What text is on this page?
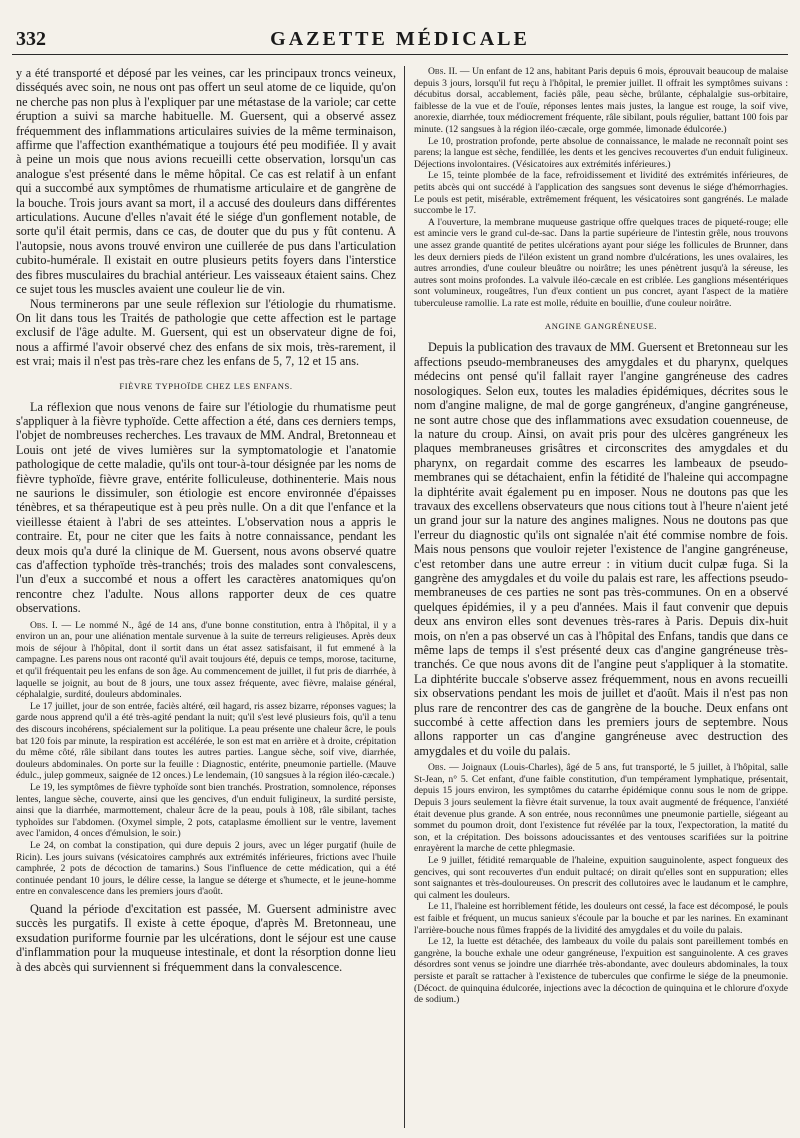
332	GAZETTE MÉDICALE

y a été transporté et déposé par les veines, car les principaux troncs veineux, disséqués avec soin, ne nous ont pas offert un seul atome de ce liquide, qu'on ne cherche pas non plus à l'expliquer par une métastase de la variole; car cette éruption a suivi sa marche habituelle. M. Guersent, qui a observé assez fréquemment des inflammations articulaires suivies de la même terminaison, affirme que l'affection exanthématique a toujours été peu modifiée. Il y avait à peine un mois que nous avions recueilli cette observation, lorsqu'un cas analogue s'est présenté dans le même hôpital. Ce cas est relatif à un enfant qui a succombé aux symptômes de rhumatisme articulaire et de gangrène de la bouche. Trois jours avant sa mort, il a accusé des douleurs dans différentes articulations. Aucune d'elles n'avait été le siége d'un gonflement notable, de sorte qu'il était permis, dans ce cas, de douter que du pus y fût contenu. A l'autopsie, nous avons trouvé environ une cuillerée de pus dans l'articulation cubito-humérale. Il existait en outre plusieurs petits foyers dans l'interstice des fibres musculaires du brachial antérieur. Les vaisseaux étaient sains. Chez ce sujet tous les muscles avaient une couleur lie de vin.

Nous terminerons par une seule réflexion sur l'étiologie du rhumatisme. On lit dans tous les Traités de pathologie que cette affection est le partage exclusif de l'âge adulte. M. Guersent, qui est un observateur digne de foi, nous a affirmé l'avoir observé chez des enfans de six mois, très-rarement, il est vrai; mais il n'est pas très-rare chez les enfans de 5, 7, 12 et 15 ans.

FIÈVRE TYPHOÏDE CHEZ LES ENFANS.

La réflexion que nous venons de faire sur l'étiologie du rhumatisme peut s'appliquer à la fièvre typhoïde. Cette affection a été, dans ces derniers temps, l'objet de nombreuses recherches. Les travaux de MM. Andral, Bretonneau et Louis ont jeté de vives lumières sur la symptomatologie et l'anatomie pathologique de cette maladie, qu'ils ont tour-à-tour désignée par les noms de fièvre typhoïde, fièvre grave, entérite folliculeuse, dothinenterie. Mais nous ne saurions le dissimuler, son étiologie est encore environnée d'épaisses ténèbres, et sa thérapeutique est à peu près nulle. On a dit que l'enfance et la vieillesse étaient à l'abri de ses atteintes. L'observation nous a appris le contraire. Et, pour ne citer que les faits à notre connaissance, pendant les deux mois qu'a duré la clinique de M. Guersent, nous avons observé quatre cas d'affection typhoïde très-tranchés; trois des malades sont convalescens, l'un d'eux a succombé et nous a offert les caractères anatomiques qu'on rencontre chez l'adulte. Nous allons rapporter deux de ces quatre observations.

Obs. I. — Le nommé N., âgé de 14 ans, d'une bonne constitution, entra à l'hôpital, il y a environ un an, pour une aliénation mentale survenue à la suite de terreurs religieuses. Après deux mois de séjour à l'hôpital, dont il sortit dans un état assez satisfaisant, il fut emmené à la campagne. Les parens nous ont raconté qu'il avait toujours été, depuis ce temps, morose, taciturne, et qu'il fréquentait peu les enfans de son âge. Au commencement de juillet, il fut pris de diarrhée, à laquelle se joignit, au bout de 8 jours, une toux assez fréquente, avec fièvre, malaise général, céphalalgie, surdité, douleurs abdominales.

Le 17 juillet, jour de son entrée, faciès altéré, œil hagard, ris assez bizarre, réponses vagues; la garde nous apprend qu'il a été très-agité pendant la nuit; qu'il s'est levé plusieurs fois, qu'il a tenu des discours incohérens, spécialement sur la politique. La peau présente une chaleur âcre, le pouls bat 120 fois par minute, la respiration est accélérée, le son est mat en arrière et à droite, crépitation du même côté, râle sibilant dans toutes les autres parties. Langue sèche, soif vive, diarrhée, douleurs abdominales. On porte sur la feuille : Diagnostic, entérite, pneumonie partielle. (Mauve édulc., julep gommeux, saignée de 12 onces.) Le lendemain, (10 sangsues à la région iléo-cæcale.)

Le 19, les symptômes de fièvre typhoïde sont bien tranchés. Prostration, somnolence, réponses lentes, langue sèche, couverte, ainsi que les gencives, d'un enduit fuligineux, la surdité persiste, ainsi que la diarrhée, marmottement, chaleur âcre de la peau, pouls à 108, râle sibilant, taches typhoïdes sur l'abdomen. (Oxymel simple, 2 pots, cataplasme émollient sur le ventre, lavement avec l'amidon, 4 onces d'émulsion, le soir.)

Le 24, on combat la constipation, qui dure depuis 2 jours, avec un léger purgatif (huile de Ricin). Les jours suivans (vésicatoires camphrés aux extrémités inférieures, frictions avec l'huile camphrée, 2 pots de décoction de tamarins.) Sous l'influence de cette médication, qui a été continuée pendant 10 jours, le délire cesse, la langue se déterge et s'humecte, et le jeune-homme entre en convalescence dans les premiers jours d'août.

Quand la période d'excitation est passée, M. Guersent administre avec succès les purgatifs. Il existe à cette époque, d'après M. Bretonneau, une exsudation puriforme fournie par les ulcérations, dont le séjour est une cause d'inflammation pour la muqueuse intestinale, et dont la résorption donne lieu à des abcès qui surviennent si fréquemment dans la convalescence.

Obs. II. — Un enfant de 12 ans, habitant Paris depuis 6 mois, éprouvait beaucoup de malaise depuis 3 jours, lorsqu'il fut reçu à l'hôpital, le premier juillet. Il offrait les symptômes suivans : décubitus dorsal, accablement, faciès pâle, peau sèche, brûlante, céphalalgie sus-orbitaire, faiblesse de la vue et de l'ouïe, réponses lentes mais justes, la langue est rouge, la soif vive, anorexie, diarrhée, toux médiocrement fréquente, râle sibilant, pouls régulier, battant 100 fois par minute. (12 sangsues à la région iléo-cæcale, orge gommée, limonade édulcorée.)

Le 10, prostration profonde, perte absolue de connaissance, le malade ne reconnaît point ses parens; la langue est sèche, fendillée, les dents et les gencives recouvertes d'un enduit fuligineux. Déjections involontaires. (Vésicatoires aux extrémités inférieures.)

Le 15, teinte plombée de la face, refroidissement et lividité des extrémités inférieures, de petits abcès qui ont succédé à l'application des sangsues sont devenus le siége d'hémorrhagies. Le pouls est petit, misérable, extrêmement fréquent, les vésicatoires sont gangrénés. Le malade succombe le 17.

A l'ouverture, la membrane muqueuse gastrique offre quelques traces de piqueté-rouge; elle est amincie vers le grand cul-de-sac. Dans la partie supérieure de l'intestin grêle, nous trouvons une assez grande quantité de petites ulcérations ayant pour siége les follicules de Brunner, dans les deux derniers pieds de l'iléon existent un grand nombre d'ulcérations, les unes ovalaires, les autres arrondies, d'une couleur bleuâtre ou noirâtre; les unes pénètrent jusqu'à la séreuse, les autres sont moins profondes. La valvule iléo-cæcale en est criblée. Les ganglions mésentériques sont volumineux, rougeâtres, l'un d'eux contient un pus concret, ayant l'aspect de la matière tuberculeuse ramollie. La rate est molle, réduite en bouillie, d'une couleur noirâtre.

ANGINE GANGRÉNEUSE.

Depuis la publication des travaux de MM. Guersent et Bretonneau sur les affections pseudo-membraneuses des amygdales et du pharynx, quelques médecins ont pensé qu'il fallait rayer l'angine gangréneuse des cadres nosologiques. Selon eux, toutes les maladies épidémiques, décrites sous le nom d'angine maligne, de mal de gorge gangréneux, d'angine gangréneuse, ne sont autre chose que des inflammations avec exsudation couenneuse, de la nature du croup. Ainsi, on avait pris pour des ulcères gangréneux les plaques membraneuses grisâtres et circonscrites des amygdales et du pharynx, on regardait comme des escarres les lambeaux de pseudo-membranes qui se détachaient, enfin la fétidité de l'haleine qui accompagne la diphtérite avait également pu en imposer. Nous ne doutons pas que les travaux des excellens observateurs que nous citions tout à l'heure n'aient jeté un grand jour sur la nature des angines malignes. Nous ne doutons pas que l'erreur du diagnostic qu'ils ont signalée n'ait été commise nombre de fois. Mais nous pensons que vouloir rejeter l'existence de l'angine gangréneuse, c'est retomber dans une autre erreur : in vitium ducit culpæ fuga. Si la gangrène des amygdales et du voile du palais est rare, les affections pseudo-membraneuses de ces parties ne sont pas très-communes. On en a observé quelques épidémies, il y a peu d'années. Mais il faut convenir que depuis deux ans environ elles sont devenues très-rares à Paris. Depuis dix-huit mois, on n'en a pas observé un cas à l'hôpital des Enfans, tandis que dans ce même laps de temps il s'est présenté deux cas d'angine gangréneuse très-tranchés. Ce que nous avons dit de l'angine peut s'appliquer à la stomatite. La diphtérite buccale s'observe assez fréquemment, nous en avons recueilli six observations pendant les mois de juillet et d'août. Mais il n'est pas non plus rare de rencontrer des cas de gangrène de la bouche. Deux enfans ont succombé à cette affection dans les premiers jours de septembre. Nous allons rapporter un cas d'angine gangréneuse avec destruction des amygdales et du voile du palais.

Obs. — Joignaux (Louis-Charles), âgé de 5 ans, fut transporté, le 5 juillet, à l'hôpital, salle St-Jean, n° 5. Cet enfant, d'une faible constitution, d'un tempérament lymphatique, présentait, depuis 15 jours environ, les symptômes du catarrhe épidémique connu sous le nom de grippe. Depuis 3 jours seulement la fièvre était survenue, la toux avait augmenté de fréquence, l'anxiété était devenue plus grande. A son entrée, nous reconnûmes une pneumonie partielle, siégeant au sommet du poumon droit, dont l'existence fut révélée par la toux, l'expectoration, la matité du son, et la crépitation. Des boissons adoucissantes et des ventouses scarifiées sur la poitrine enrayèrent la marche de cette phlegmasie.

Le 9 juillet, fétidité remarquable de l'haleine, expuition sauguinolente, aspect fongueux des gencives, qui sont recouvertes d'un enduit pultacé; on dirait qu'elles sont en suppuration; elles sont saignantes et très-douloureuses. On prescrit des collutoires avec le laudanum et le camphre, qui calment les douleurs.

Le 11, l'haleine est horriblement fétide, les douleurs ont cessé, la face est décomposé, le pouls est faible et fréquent, un mucus sanieux s'écoule par la bouche et par les narines. En examinant l'arrière-bouche nous fûmes frappés de la lividité des amygdales et du voile du palais.

Le 12, la luette est détachée, des lambeaux du voile du palais sont pareillement tombés en gangrène, la bouche exhale une odeur gangréneuse, l'expuition est sanguinolente. A ces graves désordres sont venus se joindre une diarrhée très-abondante, avec douleurs abdominales, la toux persiste et paraît se rattacher à l'existence de tubercules que confirme le siége de la pneumonie. (Décoct. de quinquina édulcorée, injections avec la décoction de quinquina et le chlorure d'oxyde de sodium.)
